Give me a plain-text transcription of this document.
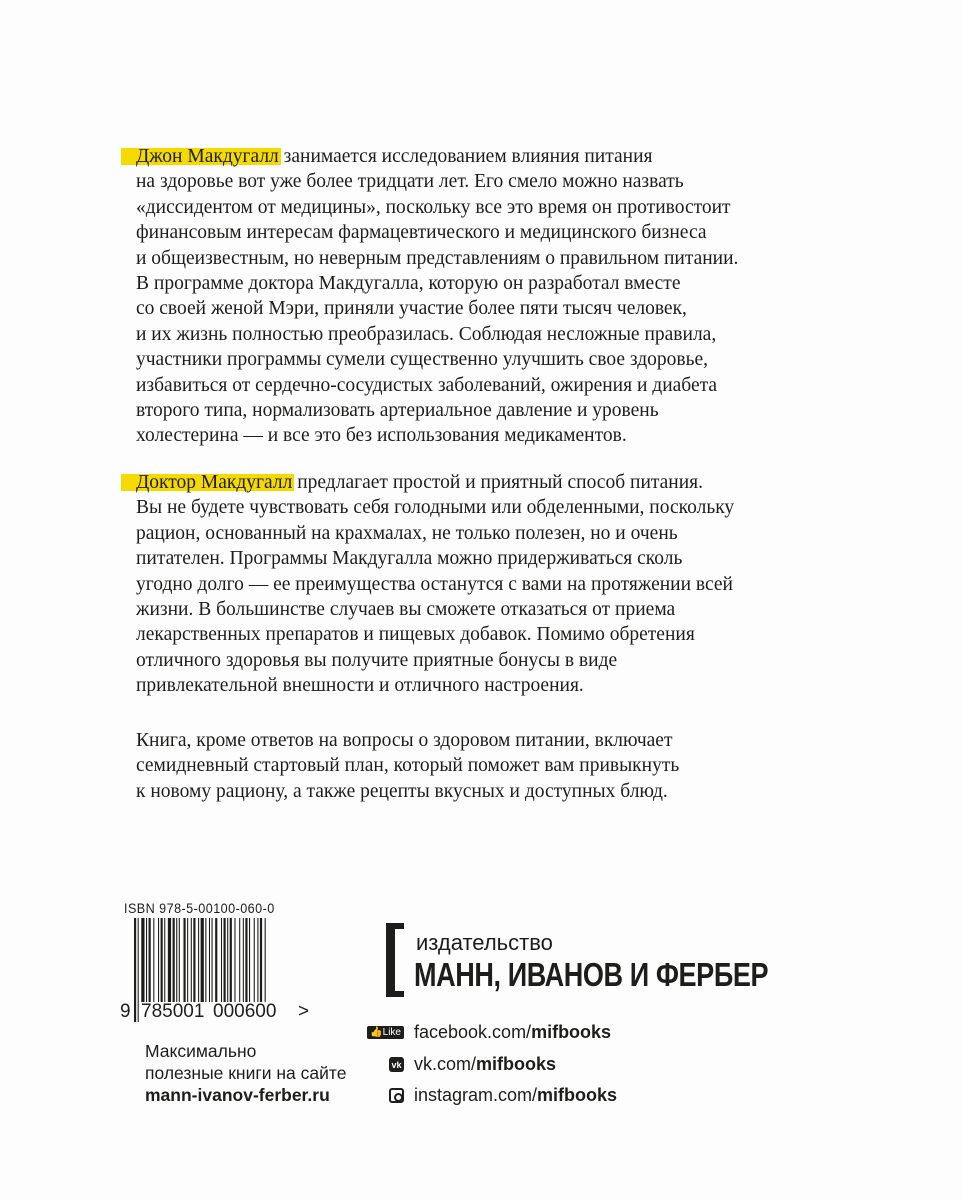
Джон Макдугалл занимается исследованием влияния питания
на здоровье вот уже более тридцати лет. Его смело можно назвать
«диссидентом от медицины», поскольку все это время он противостоит
финансовым интересам фармацевтического и медицинского бизнеса
и общеизвестным, но неверным представлениям о правильном питании.
В программе доктора Макдугалла, которую он разработал вместе
со своей женой Мэри, приняли участие более пяти тысяч человек,
и их жизнь полностью преобразилась. Соблюдая несложные правила,
участники программы сумели существенно улучшить свое здоровье,
избавиться от сердечно-сосудистых заболеваний, ожирения и диабета
второго типа, нормализовать артериальное давление и уровень
холестерина — и все это без использования медикаментов.
Доктор Макдугалл предлагает простой и приятный способ питания.
Вы не будете чувствовать себя голодными или обделенными, поскольку
рацион, основанный на крахмалах, не только полезен, но и очень
питателен. Программы Макдугалла можно придерживаться сколь
угодно долго — ее преимущества останутся с вами на протяжении всей
жизни. В большинстве случаев вы сможете отказаться от приема
лекарственных препаратов и пищевых добавок. Помимо обретения
отличного здоровья вы получите приятные бонусы в виде
привлекательной внешности и отличного настроения.
Книга, кроме ответов на вопросы о здоровом питании, включает
семидневный стартовый план, который поможет вам привыкнуть
к новому рациону, а также рецепты вкусных и доступных блюд.
ISBN 978-5-00100-060-0
9 785001 000600 >
Максимально
полезные книги на сайте
mann-ivanov-ferber.ru
издательство
МАНН, ИВАНОВ И ФЕРБЕР
👍Like facebook.com/ mifbooks
vk vk.com/ mifbooks
instagram.com/ mifbooks
